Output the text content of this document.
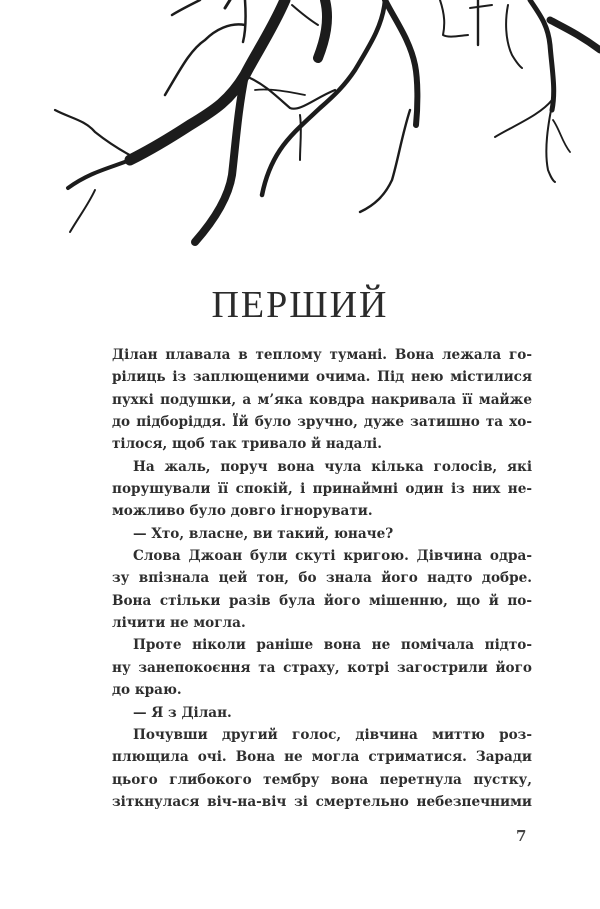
ПЕРШИЙ
Ділан плавала в теплому тумані. Вона лежала го-
рілиць із заплющеними очима. Під нею містилися
пухкі подушки, а м’яка ковдра накривала її майже
до підборіддя. Їй було зручно, дуже затишно та хо-
тілося, щоб так тривало й надалі.
На жаль, поруч вона чула кілька голосів, які
порушували її спокій, і принаймні один із них не-
можливо було довго ігнорувати.
— Хто, власне, ви такий, юначе?
Слова Джоан були скуті кригою. Дівчина одра-
зу впізнала цей тон, бо знала його надто добре.
Вона стільки разів була його мішенню, що й по-
лічити не могла.
Проте ніколи раніше вона не помічала підто-
ну занепокоєння та страху, котрі загострили його
до краю.
— Я з Ділан.
Почувши другий голос, дівчина миттю роз-
плющила очі. Вона не могла стриматися. Заради
цього глибокого тембру вона перетнула пустку,
зіткнулася віч-на-віч зі смертельно небезпечними
7
